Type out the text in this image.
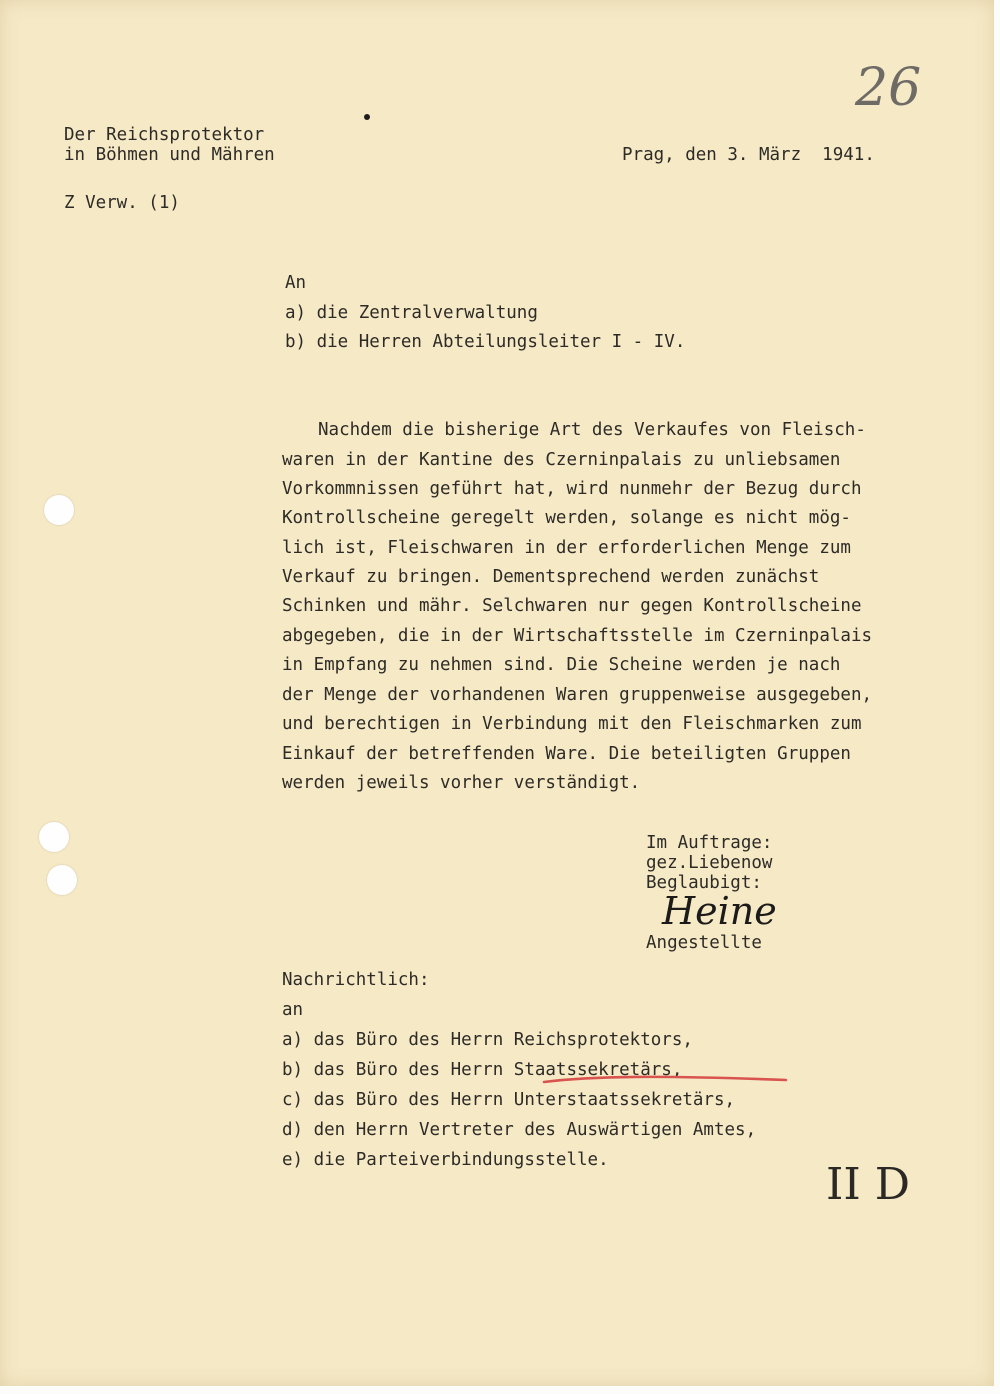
26
Der Reichsprotektor
in Böhmen und Mähren	Prag, den 3. März  1941.
Z Verw. (1)
An
a) die Zentralverwaltung
b) die Herren Abteilungsleiter I - IV.
Nachdem die bisherige Art des Verkaufes von Fleisch-
waren in der Kantine des Czerninpalais zu unliebsamen
Vorkommnissen geführt hat, wird nunmehr der Bezug durch
Kontrollscheine geregelt werden, solange es nicht mög-
lich ist, Fleischwaren in der erforderlichen Menge zum
Verkauf zu bringen. Dementsprechend werden zunächst
Schinken und mähr. Selchwaren nur gegen Kontrollscheine
abgegeben, die in der Wirtschaftsstelle im Czerninpalais
in Empfang zu nehmen sind. Die Scheine werden je nach
der Menge der vorhandenen Waren gruppenweise ausgegeben,
und berechtigen in Verbindung mit den Fleischmarken zum
Einkauf der betreffenden Ware. Die beteiligten Gruppen
werden jeweils vorher verständigt.
Im Auftrage:
gez.Liebenow
Beglaubigt:
Heine
Angestellte
Nachrichtlich:
an
a) das Büro des Herrn Reichsprotektors,
b) das Büro des Herrn Staatssekretärs,
c) das Büro des Herrn Unterstaatssekretärs,
d) den Herrn Vertreter des Auswärtigen Amtes,
e) die Parteiverbindungsstelle.	II D
